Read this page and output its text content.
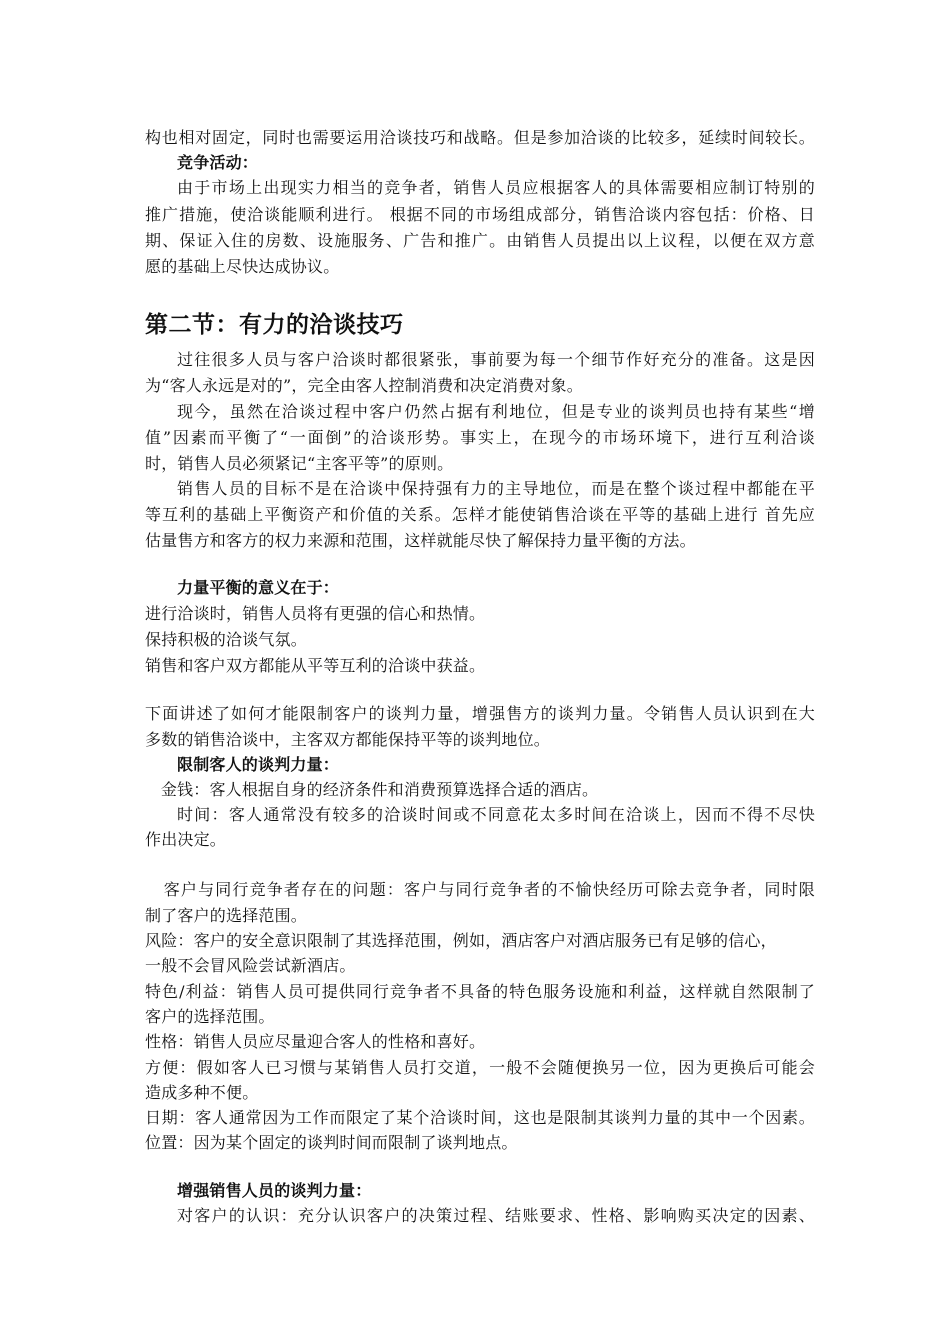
构也相对固定，同时也需要运用洽谈技巧和战略。但是参加洽谈的比较多，延续时间较长。
竞争活动：
由于市场上出现实力相当的竞争者，销售人员应根据客人的具体需要相应制订特别的
推广措施，使洽谈能顺利进行。 根据不同的市场组成部分，销售洽谈内容包括：价格、日
期、保证入住的房数、设施服务、广告和推广。由销售人员提出以上议程，以便在双方意
愿的基础上尽快达成协议。
第二节：有力的洽谈技巧
过往很多人员与客户洽谈时都很紧张，事前要为每一个细节作好充分的准备。这是因
为“客人永远是对的”，完全由客人控制消费和决定消费对象。
现今，虽然在洽谈过程中客户仍然占据有利地位，但是专业的谈判员也持有某些“增
值”因素而平衡了“一面倒”的洽谈形势。事实上，在现今的市场环境下，进行互利洽谈
时，销售人员必须紧记“主客平等”的原则。
销售人员的目标不是在洽谈中保持强有力的主导地位，而是在整个谈过程中都能在平
等互利的基础上平衡资产和价值的关系。怎样才能使销售洽谈在平等的基础上进行 首先应
估量售方和客方的权力来源和范围，这样就能尽快了解保持力量平衡的方法。
力量平衡的意义在于：
进行洽谈时，销售人员将有更强的信心和热情。
保持积极的洽谈气氛。
销售和客户双方都能从平等互利的洽谈中获益。
下面讲述了如何才能限制客户的谈判力量，增强售方的谈判力量。令销售人员认识到在大
多数的销售洽谈中，主客双方都能保持平等的谈判地位。
限制客人的谈判力量：
金钱：客人根据自身的经济条件和消费预算选择合适的酒店。
时间：客人通常没有较多的洽谈时间或不同意花太多时间在洽谈上，因而不得不尽快
作出决定。
客户与同行竞争者存在的问题：客户与同行竞争者的不愉快经历可除去竞争者，同时限
制了客户的选择范围。
风险：客户的安全意识限制了其选择范围，例如，酒店客户对酒店服务已有足够的信心，
一般不会冒风险尝试新酒店。
特色/利益：销售人员可提供同行竞争者不具备的特色服务设施和利益，这样就自然限制了
客户的选择范围。
性格：销售人员应尽量迎合客人的性格和喜好。
方便：假如客人已习惯与某销售人员打交道，一般不会随便换另一位，因为更换后可能会
造成多种不便。
日期：客人通常因为工作而限定了某个洽谈时间，这也是限制其谈判力量的其中一个因素。
位置：因为某个固定的谈判时间而限制了谈判地点。
增强销售人员的谈判力量：
对客户的认识：充分认识客户的决策过程、结账要求、性格、影响购买决定的因素、
